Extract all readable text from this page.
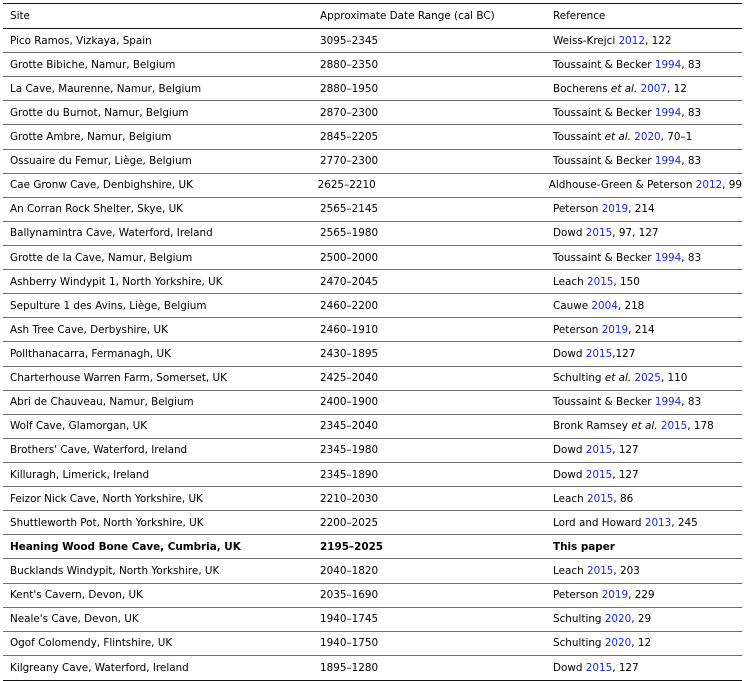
Site	Approximate Date Range (cal BC)	Reference
Pico Ramos, Vizkaya, Spain	3095–2345	Weiss-Krejci 2012, 122
Grotte Bibiche, Namur, Belgium	2880–2350	Toussaint & Becker 1994, 83
La Cave, Maurenne, Namur, Belgium	2880–1950	Bocherens et al. 2007, 12
Grotte du Burnot, Namur, Belgium	2870–2300	Toussaint & Becker 1994, 83
Grotte Ambre, Namur, Belgium	2845–2205	Toussaint et al. 2020, 70–1
Ossuaire du Femur, Liège, Belgium	2770–2300	Toussaint & Becker 1994, 83
Cae Gronw Cave, Denbighshire, UK	2625–2210	Aldhouse-Green & Peterson 2012, 99
An Corran Rock Shelter, Skye, UK	2565–2145	Peterson 2019, 214
Ballynamintra Cave, Waterford, Ireland	2565–1980	Dowd 2015, 97, 127
Grotte de la Cave, Namur, Belgium	2500–2000	Toussaint & Becker 1994, 83
Ashberry Windypit 1, North Yorkshire, UK	2470–2045	Leach 2015, 150
Sepulture 1 des Avins, Liège, Belgium	2460–2200	Cauwe 2004, 218
Ash Tree Cave, Derbyshire, UK	2460–1910	Peterson 2019, 214
Pollthanacarra, Fermanagh, UK	2430–1895	Dowd 2015,127
Charterhouse Warren Farm, Somerset, UK	2425–2040	Schulting et al. 2025, 110
Abri de Chauveau, Namur, Belgium	2400–1900	Toussaint & Becker 1994, 83
Wolf Cave, Glamorgan, UK	2345–2040	Bronk Ramsey et al. 2015, 178
Brothers' Cave, Waterford, Ireland	2345–1980	Dowd 2015, 127
Killuragh, Limerick, Ireland	2345–1890	Dowd 2015, 127
Feizor Nick Cave, North Yorkshire, UK	2210–2030	Leach 2015, 86
Shuttleworth Pot, North Yorkshire, UK	2200–2025	Lord and Howard 2013, 245
Heaning Wood Bone Cave, Cumbria, UK	2195–2025	This paper
Bucklands Windypit, North Yorkshire, UK	2040–1820	Leach 2015, 203
Kent's Cavern, Devon, UK	2035–1690	Peterson 2019, 229
Neale's Cave, Devon, UK	1940–1745	Schulting 2020, 29
Ogof Colomendy, Flintshire, UK	1940–1750	Schulting 2020, 12
Kilgreany Cave, Waterford, Ireland	1895–1280	Dowd 2015, 127
